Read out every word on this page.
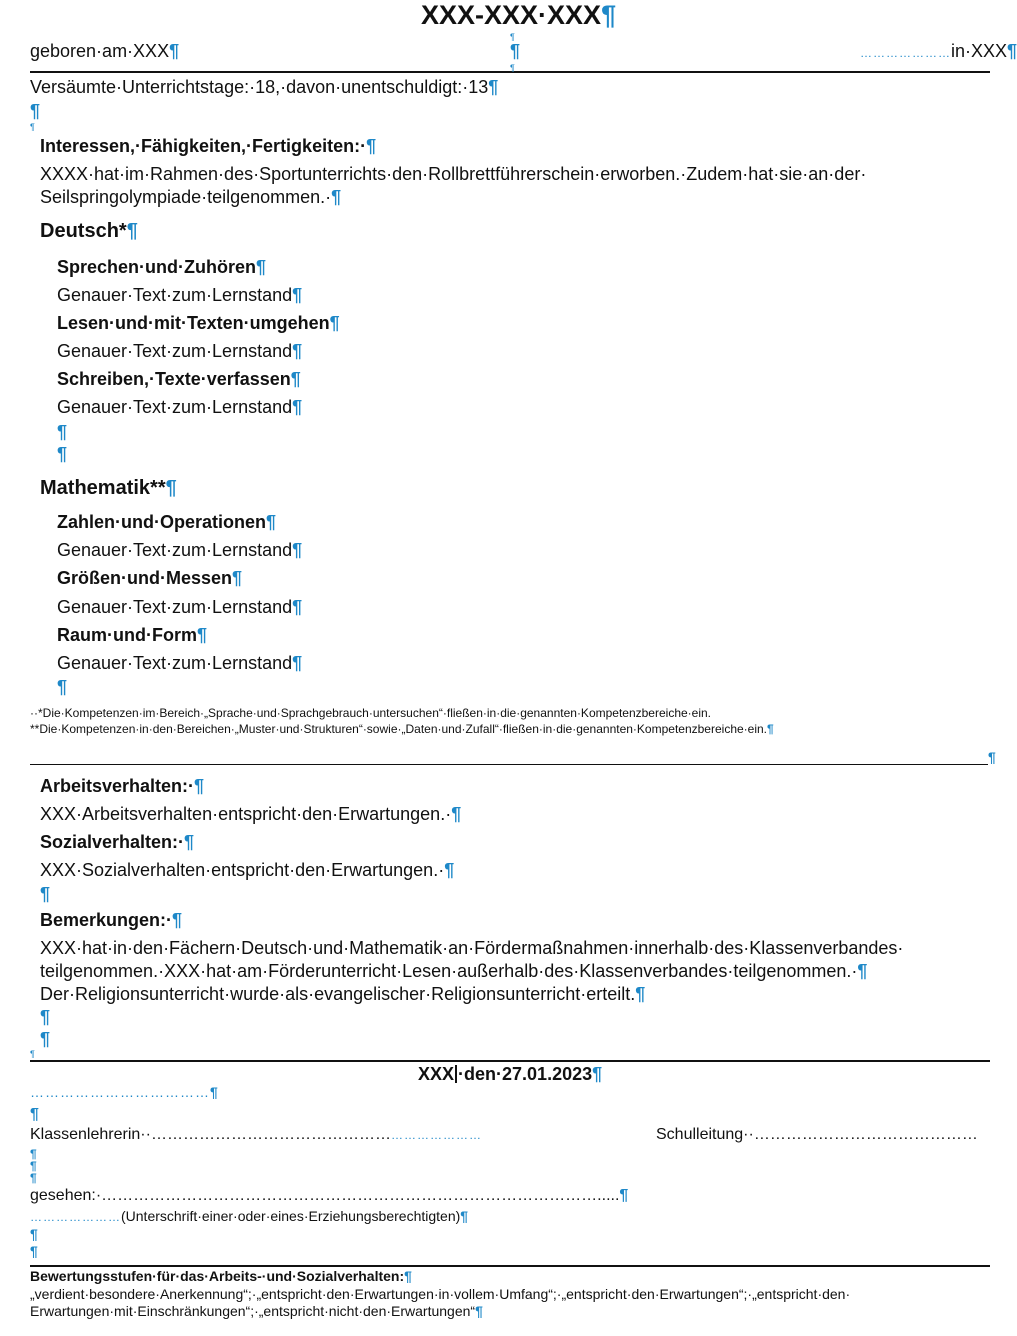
XXX-XXX·XXX¶
geboren·am·XXX¶
¶
¶	…………………in·XXX¶
¶
Versäumte·Unterrichtstage:·18,·davon·unentschuldigt:·13¶
¶
¶
Interessen,·Fähigkeiten,·Fertigkeiten:·¶
XXXX·hat·im·Rahmen·des·Sportunterrichts·den·Rollbrettführerschein·erworben.·Zudem·hat·sie·an·der· Seilspringolympiade·teilgenommen.·¶
Deutsch*¶
Sprechen·und·Zuhören¶
Genauer·Text·zum·Lernstand¶
Lesen·und·mit·Texten·umgehen¶
Genauer·Text·zum·Lernstand¶
Schreiben,·Texte·verfassen¶
Genauer·Text·zum·Lernstand¶
¶
¶
Mathematik**¶
Zahlen·und·Operationen¶
Genauer·Text·zum·Lernstand¶
Größen·und·Messen¶
Genauer·Text·zum·Lernstand¶
Raum·und·Form¶
Genauer·Text·zum·Lernstand¶
¶
··*Die·Kompetenzen·im·Bereich·„Sprache·und·Sprachgebrauch·untersuchen“·fließen·in·die·genannten·Kompetenzbereiche·ein.
**Die·Kompetenzen·in·den·Bereichen·„Muster·und·Strukturen“·sowie·„Daten·und·Zufall“·fließen·in·die·genannten·Kompetenzbereiche·ein.¶
¶
Arbeitsverhalten:·¶
XXX·Arbeitsverhalten·entspricht·den·Erwartungen.·¶
Sozialverhalten:·¶
XXX·Sozialverhalten·entspricht·den·Erwartungen.·¶
¶
Bemerkungen:·¶
XXX·hat·in·den·Fächern·Deutsch·und·Mathematik·an·Fördermaßnahmen·innerhalb·des·Klassenverbandes·
teilgenommen.·XXX·hat·am·Förderunterricht·Lesen·außerhalb·des·Klassenverbandes·teilgenommen.·¶
Der·Religionsunterricht·wurde·als·evangelischer·Religionsunterricht·erteilt.¶
¶
¶
¶
XXX ·den·27.01.2023¶
………………………………¶
¶
Klassenlehrerin··…………………………………………………………	Schulleitung··……………………………………
¶
¶
¶
gesehen:·………………………………………………………………………………….....¶
…………………(Unterschrift·einer·oder·eines·Erziehungsberechtigten)¶
¶
¶
Bewertungsstufen·für·das·Arbeits-·und·Sozialverhalten:¶
„verdient·besondere·Anerkennung“;·„entspricht·den·Erwartungen·in·vollem·Umfang“;·„entspricht·den·Erwartungen“;·„entspricht·den·
Erwartungen·mit·Einschränkungen“;·„entspricht·nicht·den·Erwartungen“¶
